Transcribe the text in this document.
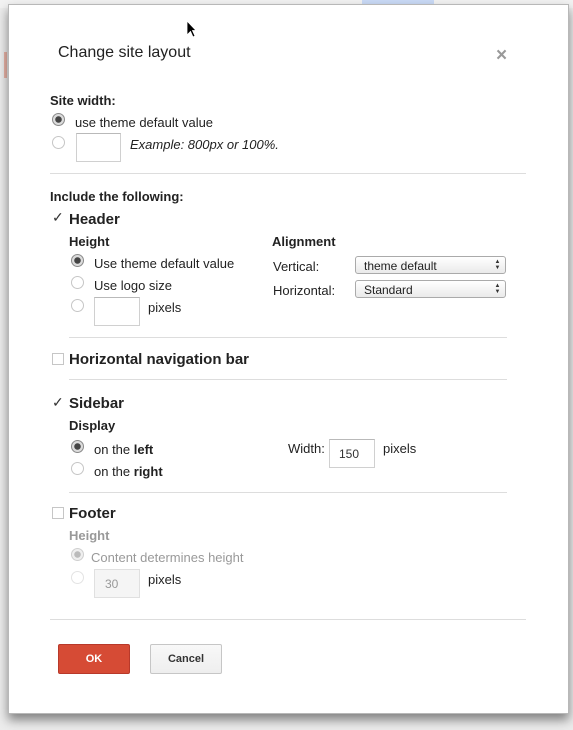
Change site layout	×
Site width:
use theme default value
Example: 800px or 100%.
Include the following:
✓ Header
Height
Use theme default value
Use logo size
pixels
Alignment
Vertical:	theme default	▲
▼
Horizontal:	Standard	▲
▼
Horizontal navigation bar
✓ Sidebar
Display
on the left
on the right
Width:
150	pixels
Footer
Height
Content determines height
30
pixels
OK	Cancel
